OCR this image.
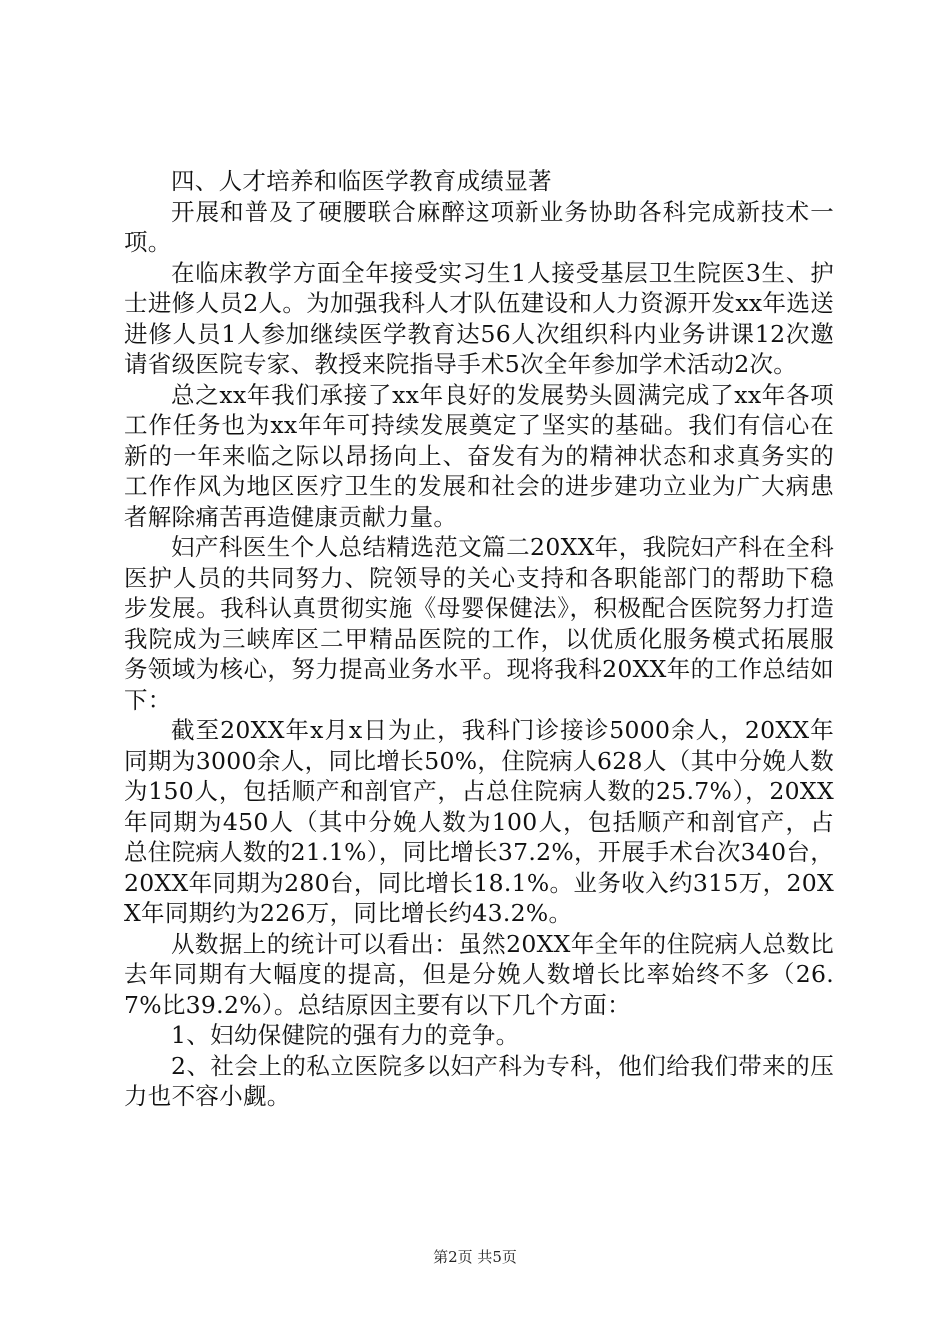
四、人才培养和临医学教育成绩显著

开展和普及了硬腰联合麻醉这项新业务协助各科完成新技术一项。

在临床教学方面全年接受实习生1人接受基层卫生院医3生、护士进修人员2人。为加强我科人才队伍建设和人力资源开发xx年选送进修人员1人参加继续医学教育达56人次组织科内业务讲课12次邀请省级医院专家、教授来院指导手术5次全年参加学术活动2次。

总之xx年我们承接了xx年良好的发展势头圆满完成了xx年各项工作任务也为xx年年可持续发展奠定了坚实的基础。我们有信心在新的一年来临之际以昂扬向上、奋发有为的精神状态和求真务实的工作作风为地区医疗卫生的发展和社会的进步建功立业为广大病患者解除痛苦再造健康贡献力量。

妇产科医生个人总结精选范文篇二20XX年，我院妇产科在全科医护人员的共同努力、院领导的关心支持和各职能部门的帮助下稳步发展。我科认真贯彻实施《母婴保健法》，积极配合医院努力打造我院成为三峡库区二甲精品医院的工作，以优质化服务模式拓展服务领域为核心，努力提高业务水平。现将我科20XX年的工作总结如下：

截至20XX年x月x日为止，我科门诊接诊5000余人，20XX年同期为3000余人，同比增长50%，住院病人628人（其中分娩人数为150人，包括顺产和剖官产，占总住院病人数的25.7%），20XX年同期为450人（其中分娩人数为100人，包括顺产和剖官产，占总住院病人数的21.1%），同比增长37.2%，开展手术台次340台，20XX年同期为280台，同比增长18.1%。业务收入约315万，20XX年同期约为226万，同比增长约43.2%。

从数据上的统计可以看出：虽然20XX年全年的住院病人总数比去年同期有大幅度的提高，但是分娩人数增长比率始终不多（26.7%比39.2%）。总结原因主要有以下几个方面：

1、妇幼保健院的强有力的竞争。

2、社会上的私立医院多以妇产科为专科，他们给我们带来的压力也不容小觑。

第2页 共5页
